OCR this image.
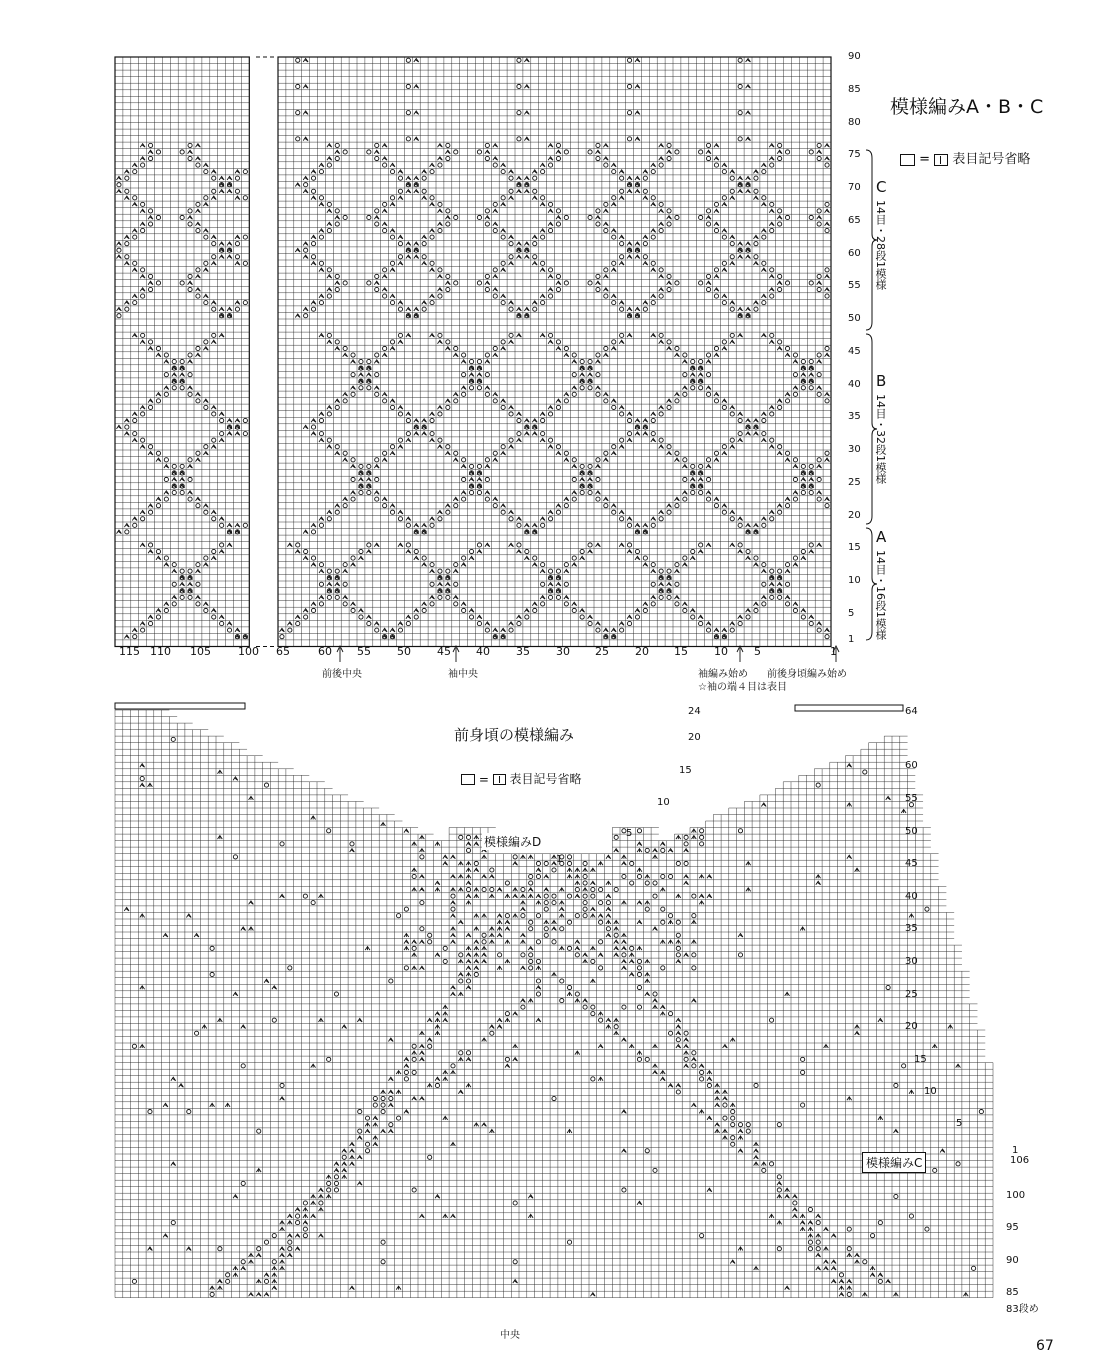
模様編みA・B・C
= 表目記号省略
90
85
80
75
70
65
60
55
50
45
40
35
30
25
20
15
10
5
1
115 110 105 100 65	60 55 50 45 40 35 30 25 20 15 10 5	1
C
14目・28段1模様
B
14目・32段1模様
A
14目・16段1模様
前後中央	袖中央	袖編み始め 前後身頃編み始め
☆袖の端４目は表目
前身頃の模様編み
= 表目記号省略
模様編みD
模様編みC
中央
64
60
55
50
45
40
35
30
25
20
15
10
5
1
106
100
95
90
85
83段め
24
20
15
10
5
1
67
